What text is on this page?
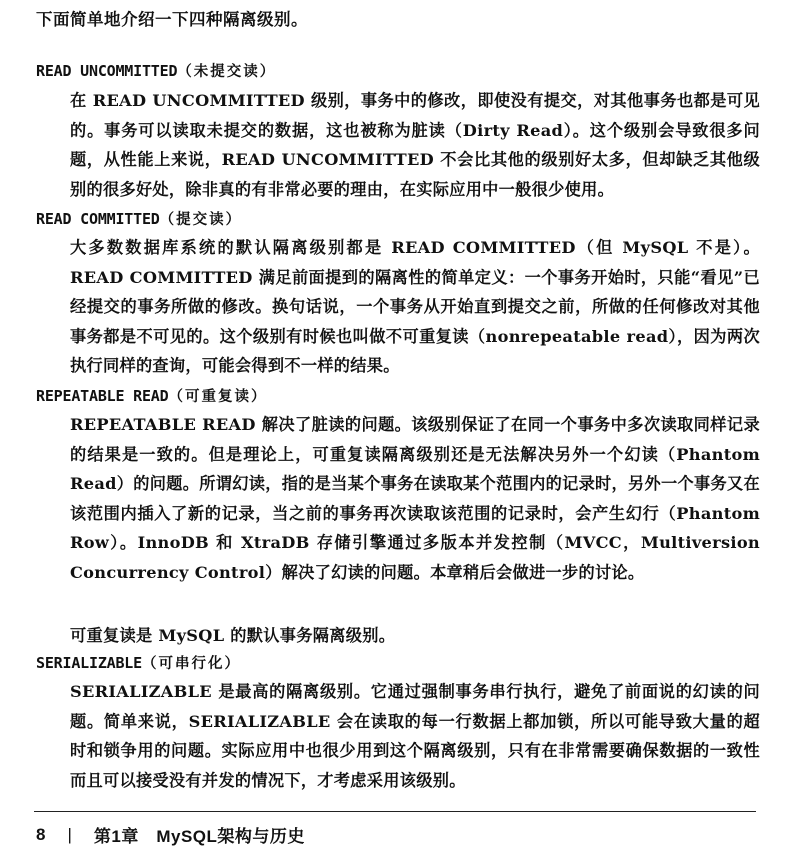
下面简单地介绍一下四种隔离级别。
READ UNCOMMITTED（未提交读）
在 READ UNCOMMITTED 级别，事务中的修改，即使没有提交，对其他事务也都是可见的。事务可以读取未提交的数据，这也被称为脏读（Dirty Read）。这个级别会导致很多问题，从性能上来说，READ UNCOMMITTED 不会比其他的级别好太多，但却缺乏其他级别的很多好处，除非真的有非常必要的理由，在实际应用中一般很少使用。
READ COMMITTED（提交读）
大多数数据库系统的默认隔离级别都是 READ COMMITTED（但 MySQL 不是）。READ COMMITTED 满足前面提到的隔离性的简单定义：一个事务开始时，只能“看见”已经提交的事务所做的修改。换句话说，一个事务从开始直到提交之前，所做的任何修改对其他事务都是不可见的。这个级别有时候也叫做不可重复读（nonrepeatable read），因为两次执行同样的查询，可能会得到不一样的结果。
REPEATABLE READ（可重复读）
REPEATABLE READ 解决了脏读的问题。该级别保证了在同一个事务中多次读取同样记录的结果是一致的。但是理论上，可重复读隔离级别还是无法解决另外一个幻读（Phantom Read）的问题。所谓幻读，指的是当某个事务在读取某个范围内的记录时，另外一个事务又在该范围内插入了新的记录，当之前的事务再次读取该范围的记录时，会产生幻行（Phantom Row）。InnoDB 和 XtraDB 存储引擎通过多版本并发控制（MVCC，Multiversion Concurrency Control）解决了幻读的问题。本章稍后会做进一步的讨论。
可重复读是 MySQL 的默认事务隔离级别。
SERIALIZABLE（可串行化）
SERIALIZABLE 是最高的隔离级别。它通过强制事务串行执行，避免了前面说的幻读的问题。简单来说，SERIALIZABLE 会在读取的每一行数据上都加锁，所以可能导致大量的超时和锁争用的问题。实际应用中也很少用到这个隔离级别，只有在非常需要确保数据的一致性而且可以接受没有并发的情况下，才考虑采用该级别。
8 | 第1章　MySQL架构与历史
